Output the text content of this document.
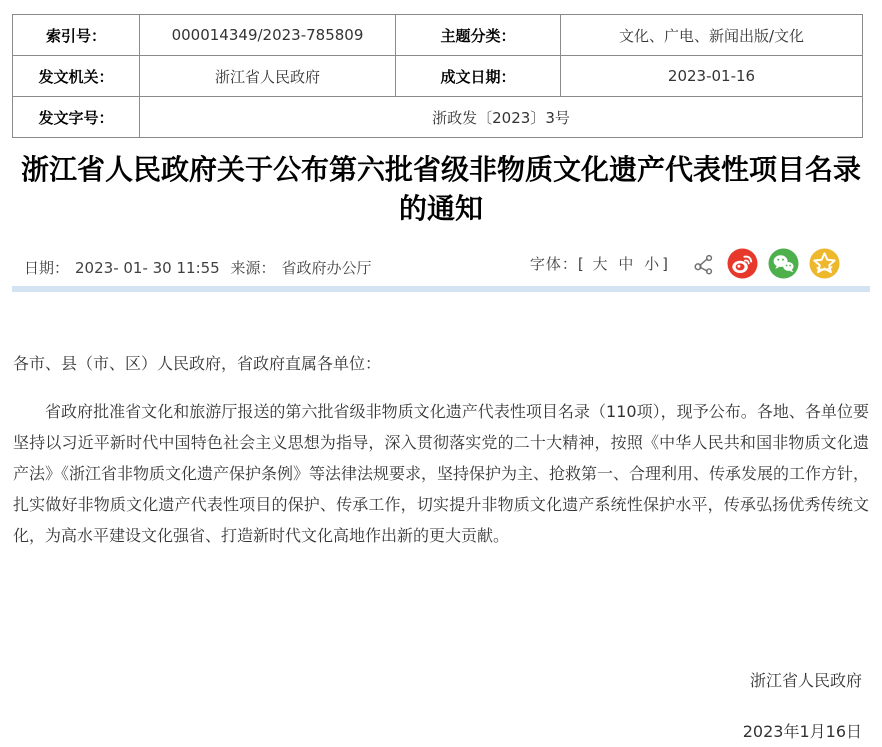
索引号：	000014349/2023-785809	主题分类：	文化、广电、新闻出版/文化
发文机关：	浙江省人民政府	成文日期：	2023-01-16
发文字号：	浙政发〔2023〕3号		
浙江省人民政府关于公布第六批省级非物质文化遗产代表性项目名录的通知
日期： 2023- 01- 30 11:55 来源： 省政府办公厅	字体：[ 大 中 小 ]

各市、县（市、区）人民政府，省政府直属各单位：

省政府批准省文化和旅游厅报送的第六批省级非物质文化遗产代表性项目名录（110项），现予公布。各地、各单位要坚持以习近平新时代中国特色社会主义思想为指导，深入贯彻落实党的二十大精神，按照《中华人民共和国非物质文化遗产法》《浙江省非物质文化遗产保护条例》等法律法规要求，坚持保护为主、抢救第一、合理利用、传承发展的工作方针，扎实做好非物质文化遗产代表性项目的保护、传承工作，切实提升非物质文化遗产系统性保护水平，传承弘扬优秀传统文化，为高水平建设文化强省、打造新时代文化高地作出新的更大贡献。

浙江省人民政府
2023年1月16日
